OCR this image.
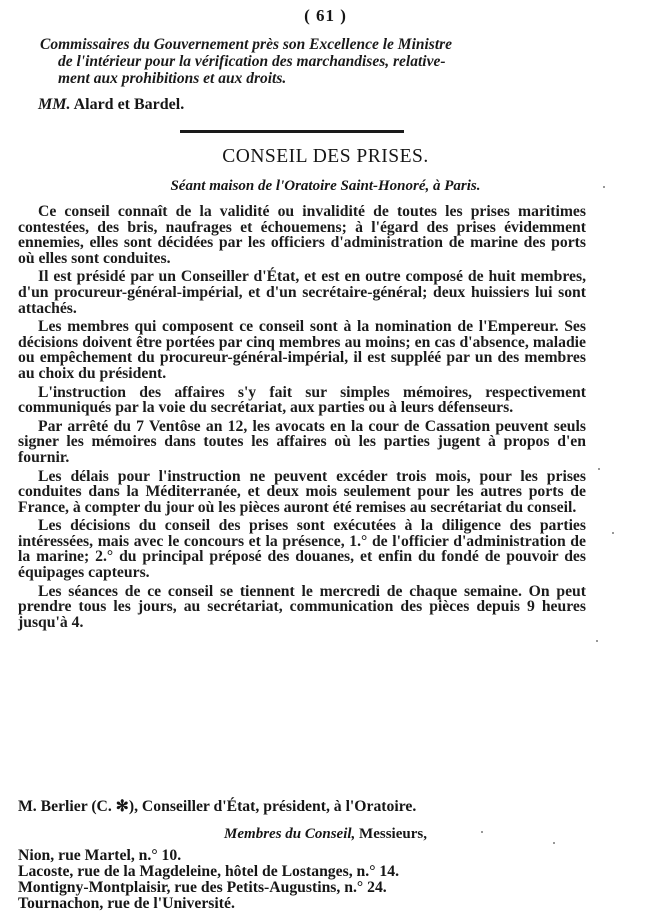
( 61 )
Commissaires du Gouvernement près son Excellence le Ministre
de l'intérieur pour la vérification des marchandises, relative-
ment aux prohibitions et aux droits.
MM. Alard et Bardel.
CONSEIL DES PRISES.
Séant maison de l'Oratoire Saint-Honoré, à Paris.

Ce conseil connaît de la validité ou invalidité de toutes les prises maritimes contestées, des bris, naufrages et échouemens; à l'égard des prises évidemment ennemies, elles sont décidées par les officiers d'administration de marine des ports où elles sont conduites.

Il est présidé par un Conseiller d'État, et est en outre composé de huit membres, d'un procureur-général-impérial, et d'un secrétaire-général; deux huissiers lui sont attachés.

Les membres qui composent ce conseil sont à la nomination de l'Empereur. Ses décisions doivent être portées par cinq membres au moins; en cas d'absence, maladie ou empêchement du procureur-général-impérial, il est suppléé par un des membres au choix du président.

L'instruction des affaires s'y fait sur simples mémoires, respectivement communiqués par la voie du secrétariat, aux parties ou à leurs défenseurs.

Par arrêté du 7 Ventôse an 12, les avocats en la cour de Cassation peuvent seuls signer les mémoires dans toutes les affaires où les parties jugent à propos d'en fournir.

Les délais pour l'instruction ne peuvent excéder trois mois, pour les prises conduites dans la Méditerranée, et deux mois seulement pour les autres ports de France, à compter du jour où les pièces auront été remises au secrétariat du conseil.

Les décisions du conseil des prises sont exécutées à la diligence des parties intéressées, mais avec le concours et la présence, 1.° de l'officier d'administration de la marine; 2.° du principal préposé des douanes, et enfin du fondé de pouvoir des équipages capteurs.

Les séances de ce conseil se tiennent le mercredi de chaque semaine. On peut prendre tous les jours, au secrétariat, communication des pièces depuis 9 heures jusqu'à 4.

M. Berlier (C. ✻), Conseiller d'État, président, à l'Oratoire.
Membres du Conseil, Messieurs,
Nion, rue Martel, n.° 10.
Lacoste, rue de la Magdeleine, hôtel de Lostanges, n.° 14.
Montigny-Montplaisir, rue des Petits-Augustins, n.° 24.
Tournachon, rue de l'Université.
